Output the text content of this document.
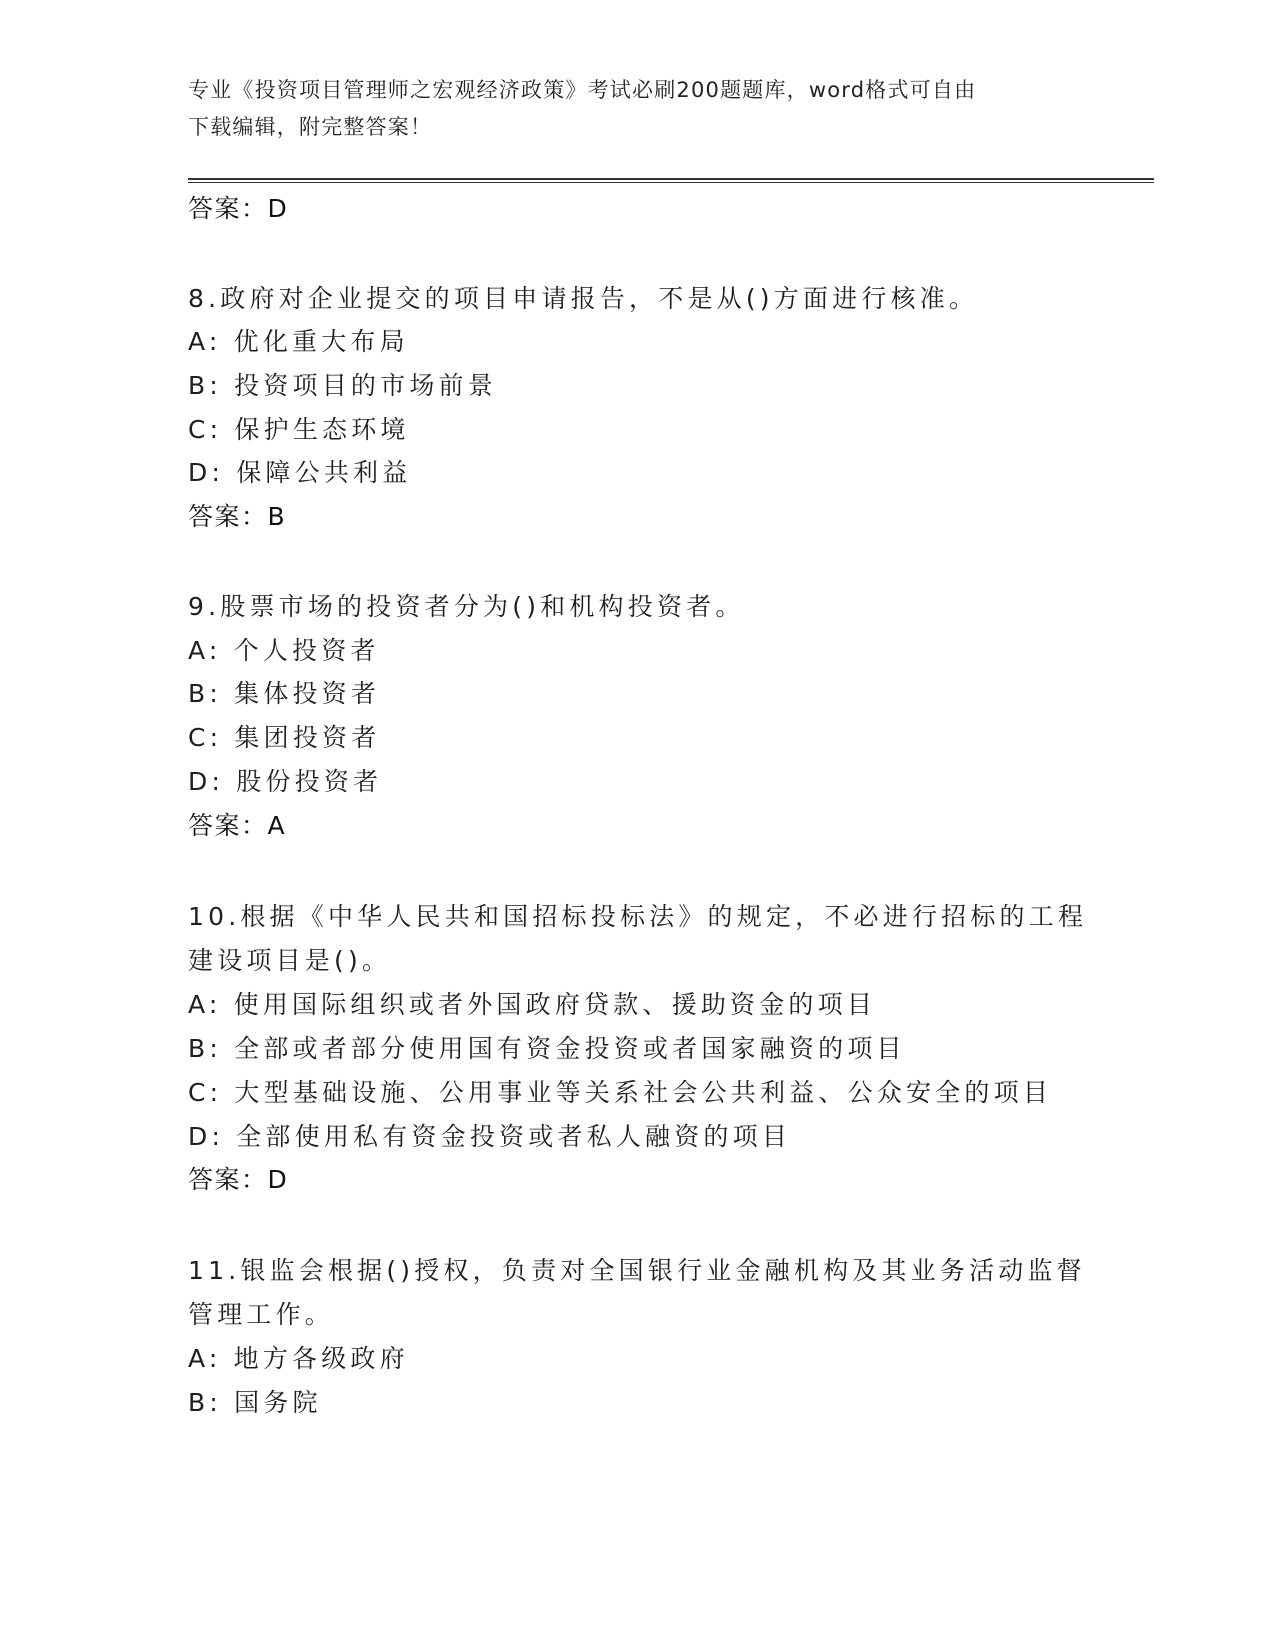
专业《投资项目管理师之宏观经济政策》考试必刷200题题库，word格式可自由
下载编辑，附完整答案！
答案：D
8.政府对企业提交的项目申请报告，不是从()方面进行核准。
A: 优化重大布局
B: 投资项目的市场前景
C: 保护生态环境
D: 保障公共利益
答案：B
9.股票市场的投资者分为()和机构投资者。
A: 个人投资者
B: 集体投资者
C: 集团投资者
D: 股份投资者
答案：A
10.根据《中华人民共和国招标投标法》的规定，不必进行招标的工程
建设项目是()。
A: 使用国际组织或者外国政府贷款、援助资金的项目
B: 全部或者部分使用国有资金投资或者国家融资的项目
C: 大型基础设施、公用事业等关系社会公共利益、公众安全的项目
D: 全部使用私有资金投资或者私人融资的项目
答案：D
11.银监会根据()授权，负责对全国银行业金融机构及其业务活动监督
管理工作。
A: 地方各级政府
B: 国务院
